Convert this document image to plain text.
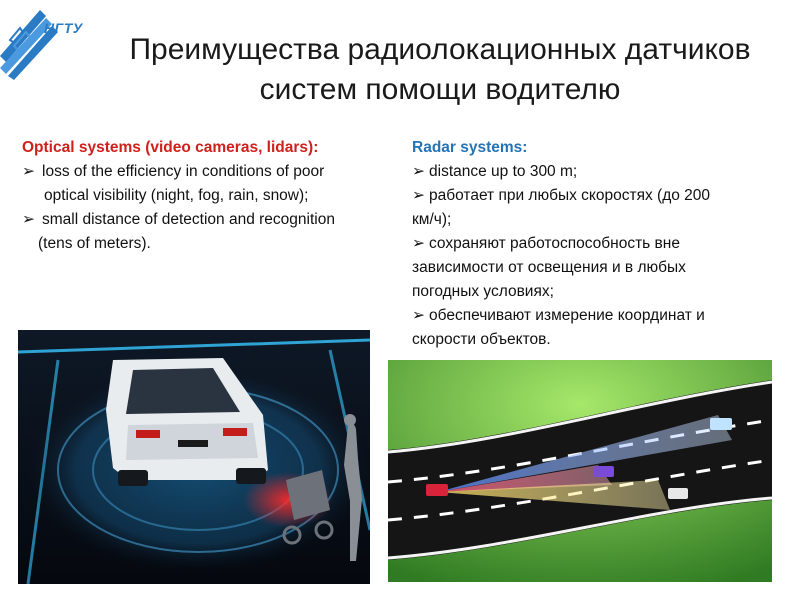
НГТУ
Преимущества радиолокационных датчиков
систем помощи водителю
Optical systems (video cameras, lidars):
➢ loss of the efficiency in conditions of poor
optical visibility (night, fog, rain, snow);
➢ small distance of detection and recognition
(tens of meters).
Radar systems:
➢ distance up to 300 m;
➢ работает при любых скоростях (до 200
км/ч);
➢ сохраняют работоспособность вне
зависимости от освещения и в любых
погодных условиях;
➢ обеспечивают измерение координат и
скорости объектов.
